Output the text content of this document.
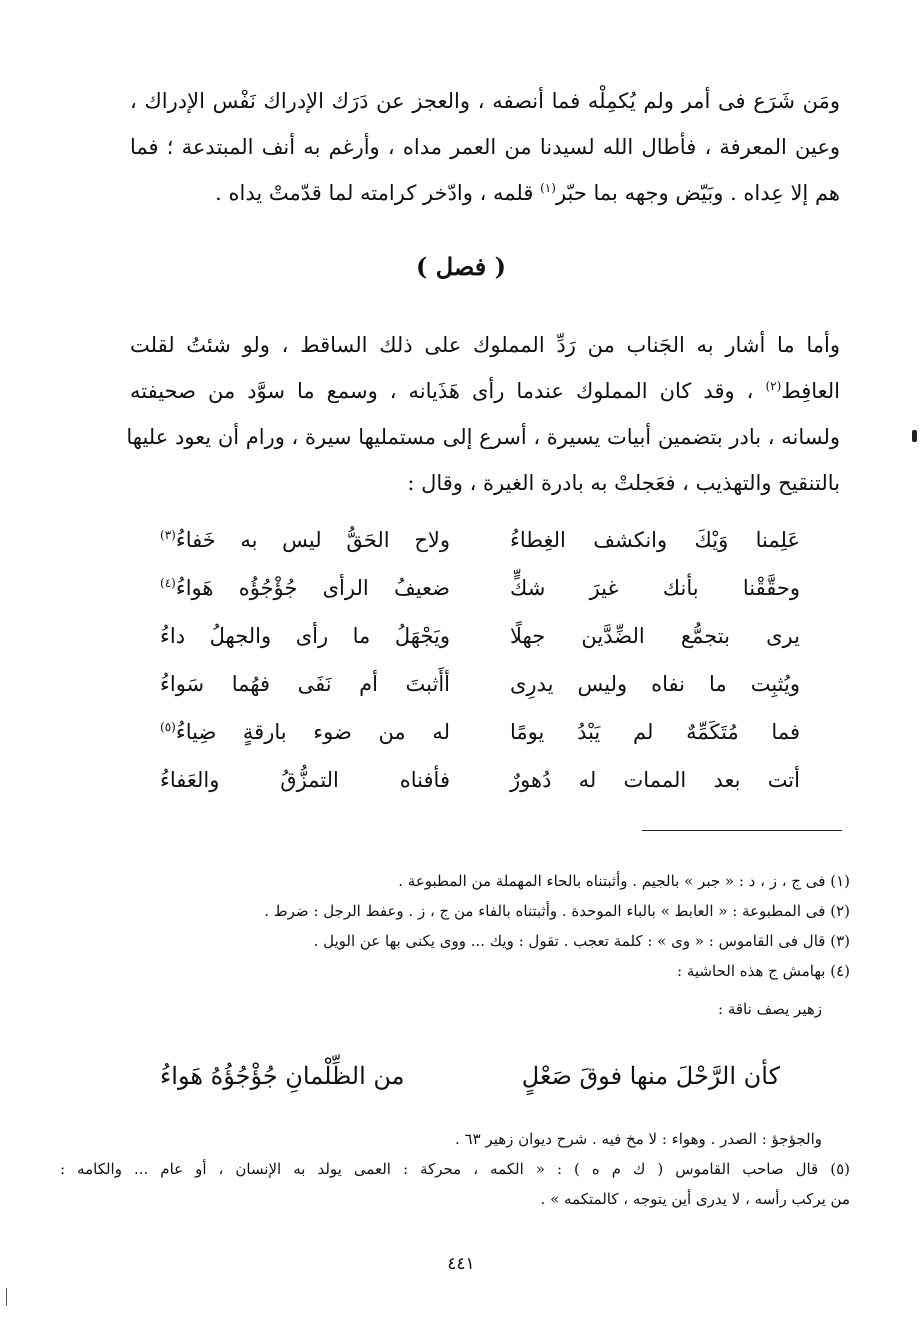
ومَن شَرَع فى أمر ولم يُكمِلْه فما أنصفه ، والعجز عن دَرَك الإدراك نَفْس الإدراك ،
وعين المعرفة ، فأطال الله لسيدنا من العمر مداه ، وأرغم به أنف المبتدعة ؛ فما
هم إلا عِداه . وبَيّض وجهه بما حبّر$^{(١)}$ قلمه ، وادّخر كرامته لما قدّمتْ يداه .
( فصل )
وأما ما أشار به الجَناب من رَدِّ المملوك على ذلك الساقط ، ولو شئتُ لقلت
العافِط$^{(٢)}$ ، وقد كان المملوك عندما رأى هَذَيانه ، وسمع ما سوَّد من صحيفته
ولسانه ، بادر بتضمين أبيات يسيرة ، أسرع إلى مستمليها سيرة ، ورام أن يعود عليها
بالتنقيح والتهذيب ، فعَجلتْ به بادرة الغيرة ، وقال :
عَلِمنا وَيْكَ وانكشف الغِطاءُ
ولاح الحَقُّ ليس به خَفاءُ$^{(٣)}$
وحقَّقْنا بأنك غيرَ شكٍّ
ضعيفُ الرأى جُؤْجُؤُه هَواءُ$^{(٤)}$
يرى بتجمُّع الضِّدَّين جهلًا
ويَجْهَلُ ما رأى والجهلُ داءُ
ويُثبِت ما نفاه وليس يدرِى
أأَثبتَ أم نَفَى فهُما سَواءُ
فما مُتَكَمِّهٌ لم يَبْدُ يومًا
له من ضوء بارقةٍ ضِياءُ$^{(٥)}$
أتت بعد الممات له دُهورٌ
فأفناه التمزُّقُ والعَفاءُ
(١) فى ج ، ز ، د : « جبر » بالجيم . وأثبتناه بالحاء المهملة من المطبوعة .
(٢) فى المطبوعة : « العابط » بالباء الموحدة . وأثبتناه بالفاء من ج ، ز . وعفط الرجل : ضرط .
(٣) قال فى القاموس : « وى » : كلمة تعجب . تقول : ويك ... ووى يكنى بها عن الويل .
(٤) بهامش ج هذه الحاشية :
زهير يصف ناقة :
كأن الرَّحْلَ منها فوقَ صَعْلٍ
من الظِّلْمانِ جُؤْجُؤُهُ هَواءُ
والجؤجؤ : الصدر . وهواء : لا مخ فيه . شرح ديوان زهير ٦٣ .
(٥) قال صاحب القاموس ( ك م ه ) : « الكمه ، محركة : العمى يولد به الإنسان ، أو عام ... والكامه :
من يركب رأسه ، لا يدرى أين يتوجه ، كالمتكمه » .
٤٤١
